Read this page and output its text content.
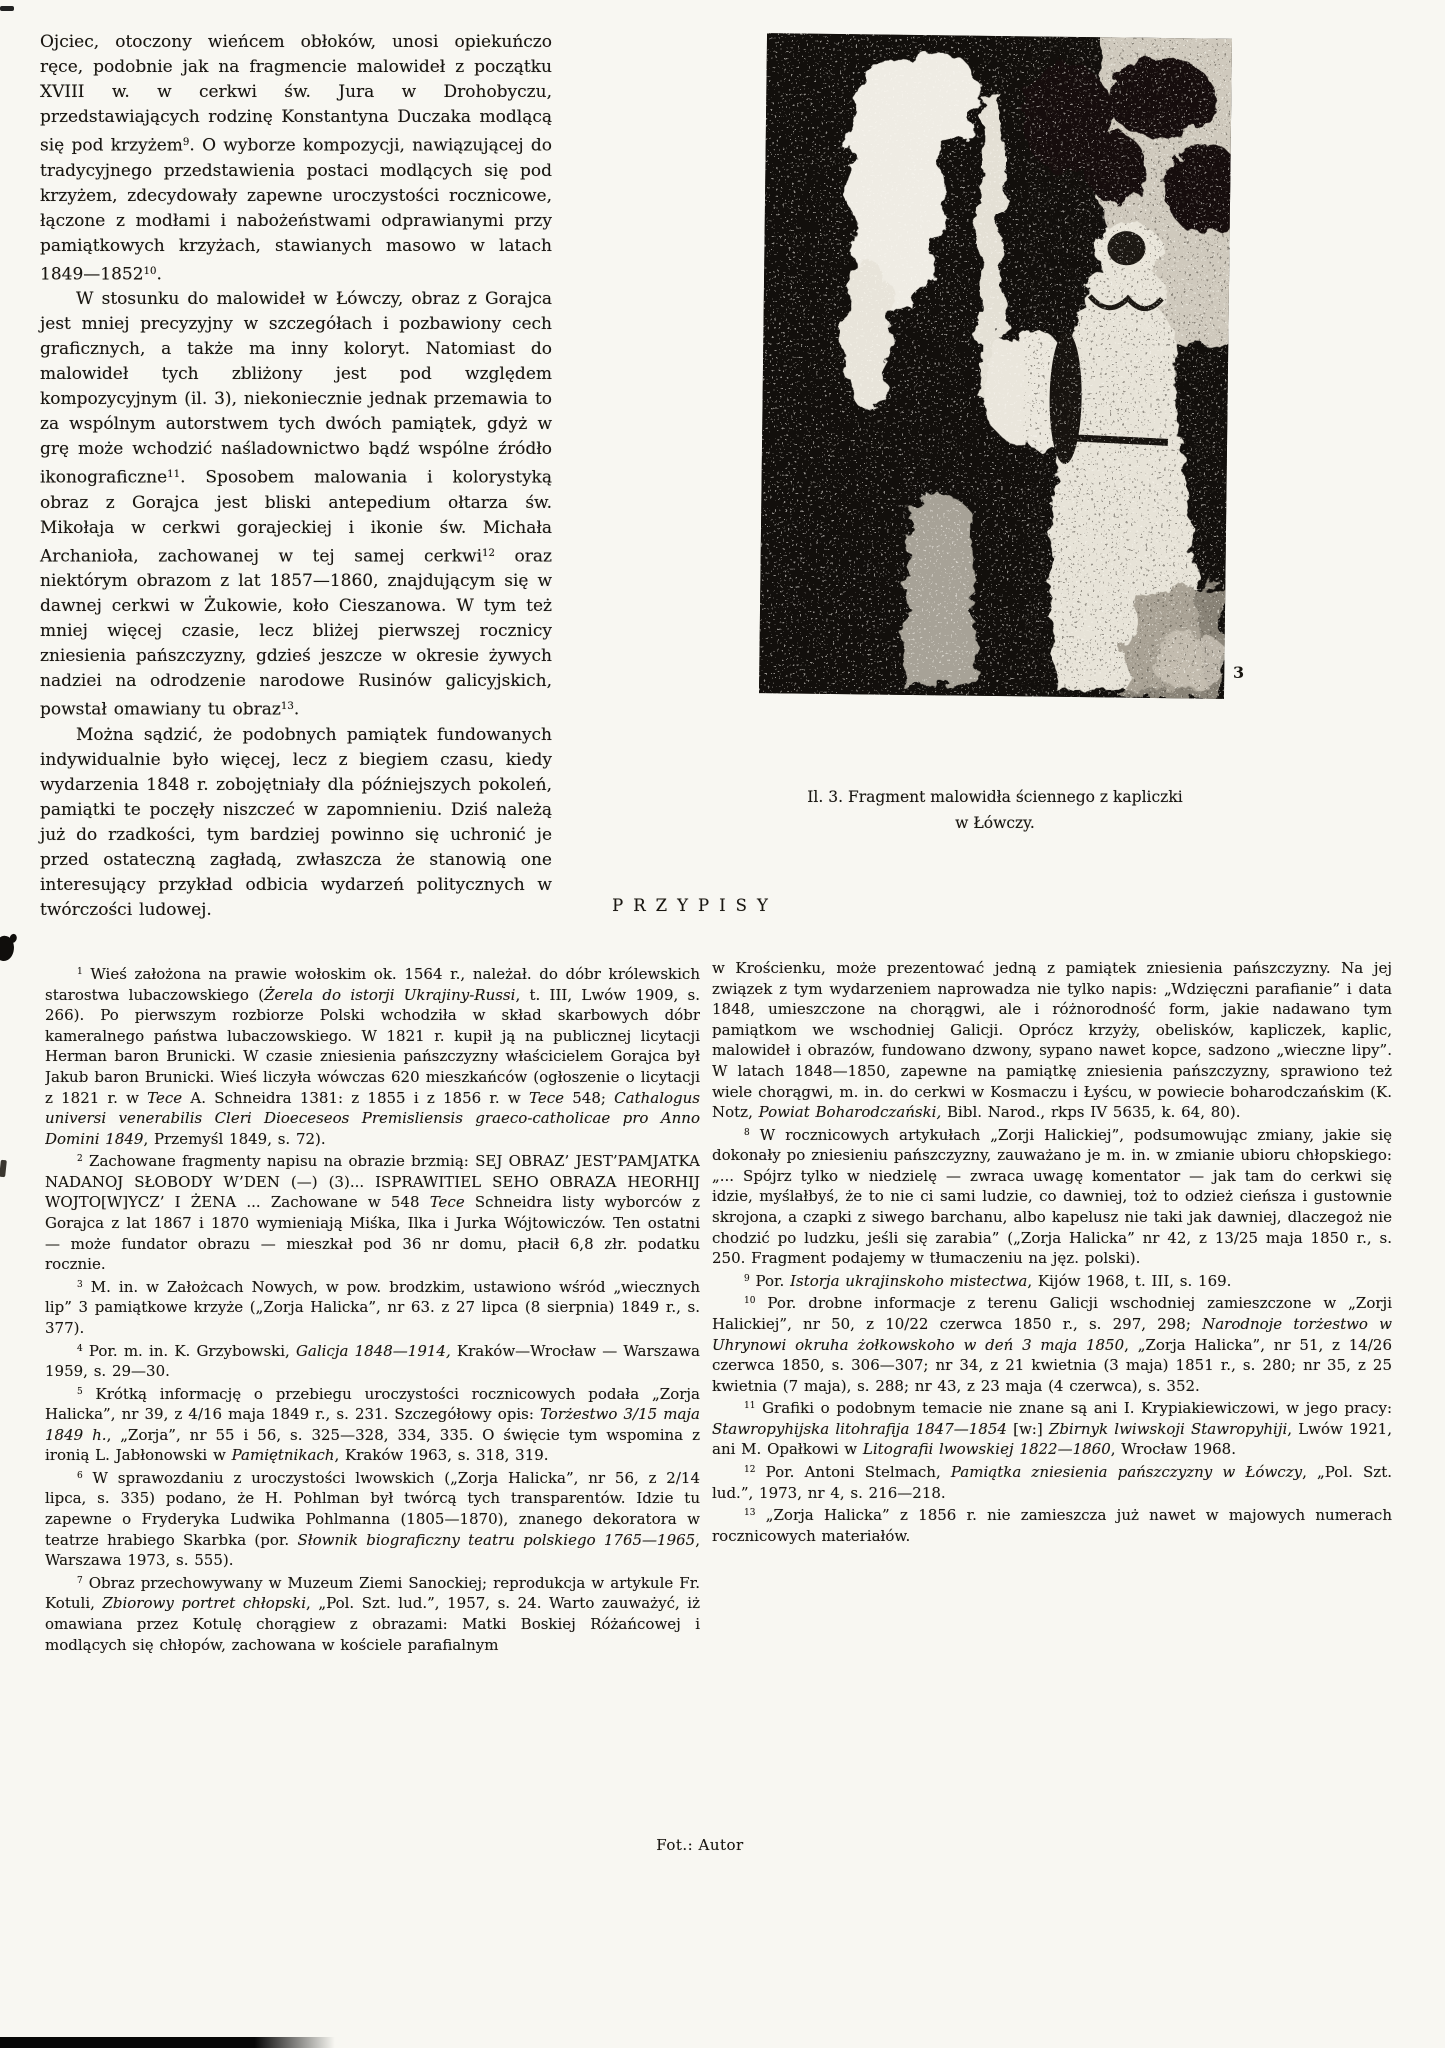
Ojciec, otoczony wieńcem obłoków, unosi opiekuńczo ręce, podobnie jak na fragmencie malowideł z początku XVIII w. w cerkwi św. Jura w Drohobyczu, przedstawiających rodzinę Konstantyna Duczaka modlącą się pod krzyżem$^9$. O wyborze kompozycji, nawiązującej do tradycyjnego przedstawienia postaci modlących się pod krzyżem, zdecydowały zapewne uroczystości rocznicowe, łączone z modłami i nabożeństwami odprawianymi przy pamiątkowych krzyżach, stawianych masowo w latach 1849—1852$^{10}$.

W stosunku do malowideł w Łówczy, obraz z Gorajca jest mniej precyzyjny w szczegółach i pozbawiony cech graficznych, a także ma inny koloryt. Natomiast do malowideł tych zbliżony jest pod względem kompozycyjnym (il. 3), niekoniecznie jednak przemawia to za wspólnym autorstwem tych dwóch pamiątek, gdyż w grę może wchodzić naśladownictwo bądź wspólne źródło ikonograficzne$^{11}$. Sposobem malowania i kolorystyką obraz z Gorajca jest bliski antepedium ołtarza św. Mikołaja w cerkwi gorajeckiej i ikonie św. Michała Archanioła, zachowanej w tej samej cerkwi$^{12}$ oraz niektórym obrazom z lat 1857—1860, znajdującym się w dawnej cerkwi w Żukowie, koło Cieszanowa. W tym też mniej więcej czasie, lecz bliżej pierwszej rocznicy zniesienia pańszczyzny, gdzieś jeszcze w okresie żywych nadziei na odrodzenie narodowe Rusinów galicyjskich, powstał omawiany tu obraz$^{13}$.

Można sądzić, że podobnych pamiątek fundowanych indywidualnie było więcej, lecz z biegiem czasu, kiedy wydarzenia 1848 r. zobojętniały dla późniejszych pokoleń, pamiątki te poczęły niszczeć w zapomnieniu. Dziś należą już do rzadkości, tym bardziej powinno się uchronić je przed ostateczną zagładą, zwłaszcza że stanowią one interesujący przykład odbicia wydarzeń politycznych w twórczości ludowej.

3
Il. 3. Fragment malowidła ściennego z kapliczki
w Łówczy.
PRZYPISY

$^1$ Wieś założona na prawie wołoskim ok. 1564 r., należał. do dóbr królewskich starostwa lubaczowskiego (Żerela do istorji Ukrajiny-Russi, t. III, Lwów 1909, s. 266). Po pierwszym rozbiorze Polski wchodziła w skład skarbowych dóbr kameralnego państwa lubaczowskiego. W 1821 r. kupił ją na publicznej licytacji Herman baron Brunicki. W czasie zniesienia pańszczyzny właścicielem Gorajca był Jakub baron Brunicki. Wieś liczyła wówczas 620 mieszkańców (ogłoszenie o licytacji z 1821 r. w Tece A. Schneidra 1381: z 1855 i z 1856 r. w Tece 548; Cathalogus universi venerabilis Cleri Dioeceseos Premisliensis graeco-catholicae pro Anno Domini 1849, Przemyśl 1849, s. 72).

$^2$ Zachowane fragmenty napisu na obrazie brzmią: SEJ OBRAZ’ JEST’PAMJATKA NADANOJ SŁOBODY W’DEN (—) (3)... ISPRAWITIEL SEHO OBRAZA HEORHIJ WOJTO[W]YCZ’ I ŻENA ... Zachowane w 548 Tece Schneidra listy wyborców z Gorajca z lat 1867 i 1870 wymieniają Miśka, Ilka i Jurka Wójtowiczów. Ten ostatni — może fundator obrazu — mieszkał pod 36 nr domu, płacił 6,8 złr. podatku rocznie.

$^3$ M. in. w Założcach Nowych, w pow. brodzkim, ustawiono wśród „wiecznych lip” 3 pamiątkowe krzyże („Zorja Halicka”, nr 63. z 27 lipca (8 sierpnia) 1849 r., s. 377).

$^4$ Por. m. in. K. Grzybowski, Galicja 1848—1914, Kraków—Wrocław — Warszawa 1959, s. 29—30.

$^5$ Krótką informację o przebiegu uroczystości rocznicowych podała „Zorja Halicka”, nr 39, z 4/16 maja 1849 r., s. 231. Szczegółowy opis: Torżestwo 3/15 maja 1849 h., „Zorja”, nr 55 i 56, s. 325—328, 334, 335. O święcie tym wspomina z ironią L. Jabłonowski w Pamiętnikach, Kraków 1963, s. 318, 319.

$^6$ W sprawozdaniu z uroczystości lwowskich („Zorja Halicka”, nr 56, z 2/14 lipca, s. 335) podano, że H. Pohlman był twórcą tych transparentów. Idzie tu zapewne o Fryderyka Ludwika Pohlmanna (1805—1870), znanego dekoratora w teatrze hrabiego Skarbka (por. Słownik biograficzny teatru polskiego 1765—1965, Warszawa 1973, s. 555).

$^7$ Obraz przechowywany w Muzeum Ziemi Sanockiej; reprodukcja w artykule Fr. Kotuli, Zbiorowy portret chłopski, „Pol. Szt. lud.”, 1957, s. 24. Warto zauważyć, iż omawiana przez Kotulę chorągiew z obrazami: Matki Boskiej Różańcowej i modlących się chłopów, zachowana w kościele parafialnym

w Krościenku, może prezentować jedną z pamiątek zniesienia pańszczyzny. Na jej związek z tym wydarzeniem naprowadza nie tylko napis: „Wdzięczni parafianie” i data 1848, umieszczone na chorągwi, ale i różnorodność form, jakie nadawano tym pamiątkom we wschodniej Galicji. Oprócz krzyży, obelisków, kapliczek, kaplic, malowideł i obrazów, fundowano dzwony, sypano nawet kopce, sadzono „wieczne lipy”. W latach 1848—1850, zapewne na pamiątkę zniesienia pańszczyzny, sprawiono też wiele chorągwi, m. in. do cerkwi w Kosmaczu i Łyścu, w powiecie boharodczańskim (K. Notz, Powiat Boharodczański, Bibl. Narod., rkps IV 5635, k. 64, 80).

$^8$ W rocznicowych artykułach „Zorji Halickiej”, podsumowując zmiany, jakie się dokonały po zniesieniu pańszczyzny, zauważano je m. in. w zmianie ubioru chłopskiego: „... Spójrz tylko w niedzielę — zwraca uwagę komentator — jak tam do cerkwi się idzie, myślałbyś, że to nie ci sami ludzie, co dawniej, toż to odzież cieńsza i gustownie skrojona, a czapki z siwego barchanu, albo kapelusz nie taki jak dawniej, dlaczegoż nie chodzić po ludzku, jeśli się zarabia” („Zorja Halicka” nr 42, z 13/25 maja 1850 r., s. 250. Fragment podajemy w tłumaczeniu na jęz. polski).

$^9$ Por. Istorja ukrajinskoho mistectwa, Kijów 1968, t. III, s. 169.

$^{10}$ Por. drobne informacje z terenu Galicji wschodniej zamieszczone w „Zorji Halickiej”, nr 50, z 10/22 czerwca 1850 r., s. 297, 298; Narodnoje torżestwo w Uhrynowi okruha żołkowskoho w deń 3 maja 1850, „Zorja Halicka”, nr 51, z 14/26 czerwca 1850, s. 306—307; nr 34, z 21 kwietnia (3 maja) 1851 r., s. 280; nr 35, z 25 kwietnia (7 maja), s. 288; nr 43, z 23 maja (4 czerwca), s. 352.

$^{11}$ Grafiki o podobnym temacie nie znane są ani I. Krypiakiewiczowi, w jego pracy: Stawropyhijska litohrafija 1847—1854 [w:] Zbirnyk lwiwskoji Stawropyhiji, Lwów 1921, ani M. Opałkowi w Litografii lwowskiej 1822—1860, Wrocław 1968.

$^{12}$ Por. Antoni Stelmach, Pamiątka zniesienia pańszczyzny w Łówczy, „Pol. Szt. lud.”, 1973, nr 4, s. 216—218.

$^{13}$ „Zorja Halicka” z 1856 r. nie zamieszcza już nawet w majowych numerach rocznicowych materiałów.

Fot.: Autor
